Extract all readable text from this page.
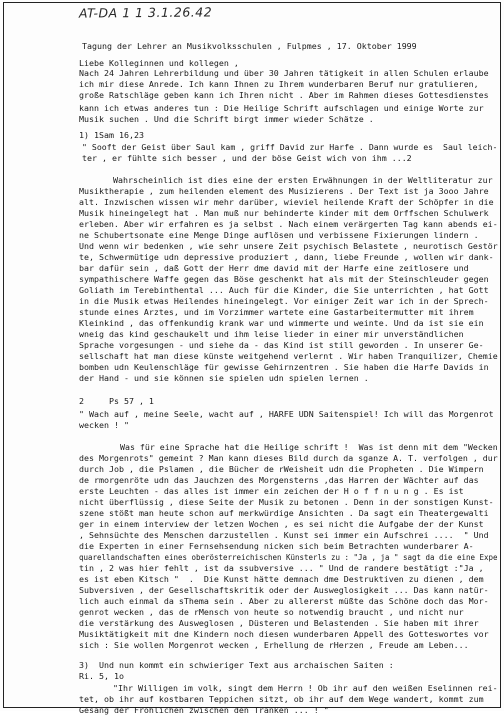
AT-DA 1 1 3.1.26.42
Tagung der Lehrer an Musikvolksschulen , Fulpmes , 17. Oktober 1999
Liebe Kolleginnen und kollegen ,
Nach 24 Jahren Lehrerbildung und über 30 Jahren tätigkeit in allen Schulen erlaube
ich mir diese Anrede. Ich kann Ihnen zu Ihrem wunderbaren Beruf nur gratulieren,
große Ratschläge geben kann ich Ihren nicht . Aber im Rahmen dieses Gottesdienstes
kann ich etwas anderes tun : Die Heilige Schrift aufschlagen und einige Worte zur
Musik suchen . Und die Schrift birgt immer wieder Schätze .
1) 1Sam 16,23
" Sooft der Geist über Saul kam , griff David zur Harfe . Dann wurde es  Saul leich-
ter , er fühlte sich besser , und der böse Geist wich von ihm ...2
Wahrscheinlich ist dies eine der ersten Erwähnungen in der Weltliteratur zur
Musiktherapie , zum heilenden element des Musizierens . Der Text ist ja 3ooo Jahre
alt. Inzwischen wissen wir mehr darüber, wieviel heilende Kraft der Schöpfer in die
Musik hineingelegt hat . Man muß nur behinderte kinder mit dem Orffschen Schulwerk
erleben. Aber wir erfahren es ja selbst . Nach einem verärgerten Tag kann abends ei-
ne Schubertsonate eine Menge Dinge auflösen und verbissene Fixierungen lindern .
Und wenn wir bedenken , wie sehr unsere Zeit psychisch Belastete , neurotisch Gestör
te, Schwermütige udn depressive produziert , dann, liebe Freunde , wollen wir dank-
bar dafür sein , daß Gott der Herr dme david mit der Harfe eine zeitlosere und
sympathischere Waffe gegen das Böse geschenkt hat als mit der Steinschleuder gegen
Goliath im Terebinthental ... Auch für die Kinder, die Sie unterrichten , hat Gott
in die Musik etwas Heilendes hineingelegt. Vor einiger Zeit war ich in der Sprech-
stunde eines Arztes, und im Vorzimmer wartete eine Gastarbeitermutter mit ihrem
Kleinkind , das offenkundig krank war und wimmerte und weinte. Und da ist sie ein
wneig das kind geschaukelt und ihm leise lieder in einer mir unverständlichen
Sprache vorgesungen - und siehe da - das Kind ist still geworden . In unserer Ge-
sellschaft hat man diese künste weitgehend verlernt . Wir haben Tranquilizer, Chemie
bomben udn Keulenschläge für gewisse Gehirnzentren . Sie haben die Harfe Davids in
der Hand - und sie können sie spielen udn spielen lernen .
2     Ps 57 , 1
" Wach auf , meine Seele, wacht auf , HARFE UDN Saitenspiel! Ich will das Morgenrot
wecken ! "
Was für eine Sprache hat die Heilige schrift !  Was ist denn mit dem "Wecken
des Morgenrots" gemeint ? Man kann dieses Bild durch da sganze A. T. verfolgen , dur
durch Job , die Pslamen , die Bücher de rWeisheit udn die Propheten . Die Wimpern
de rmorgenröte udn das Jauchzen des Morgensterns ,das Harren der Wächter auf das
erste Leuchten - das alles ist immer ein zeichen der H o f f n u n g . Es ist
nicht überflüssig , diese Seite der Musik zu betonen . Denn in der sonstigen Kunst-
szene stößt man heute schon auf merkwürdige Ansichten . Da sagt ein Theatergewalti
ger in einem interview der letzen Wochen , es sei nicht die Aufgabe der der Kunst
, Sehnsüchte des Menschen darzustellen . Kunst sei immer ein Aufschrei ....  " Und
die Experten in einer Fernsehsendung nicken sich beim Betrachten wunderbarer A-
quarellandschaften eines oberösterreichischen Künsterls zu : "Ja , ja " sagt da die eine Expe
tin , 2 was hier fehlt , ist da ssubversive ... " Und de randere bestätigt :"Ja ,
es ist eben Kitsch "  .  Die Kunst hätte demnach dme Destruktiven zu dienen , dem
Subversiven , der Gesellschaftskritik oder der Ausweglosigkeit ... Das kann natür-
lich auch einmal da sThema sein . Aber zu allererst müßte das Schöne doch das Mor-
genrot wecken , das de rMensch von heute so notwendig braucht , und nicht nur
die verstärkung des Ausweglosen , Düsteren und Belastenden . Sie haben mit ihrer
Musiktätigkeit mit dne Kindern noch diesen wunderbaren Appell des Gotteswortes vor
sich : Sie wollen Morgenrot wecken , Erhellung de rHerzen , Freude am Leben...
3)  Und nun kommt ein schwieriger Text aus archaischen Saiten :
Ri. 5, 1o
"Ihr Willigen im volk, singt dem Herrn ! Ob ihr auf den weißen Eselinnen rei-
tet, ob ihr auf kostbaren Teppichen sitzt, ob ihr auf dem Wege wandert, kommt zum
Gesang der Fröhlichen zwischen den Tränken ... ! "
